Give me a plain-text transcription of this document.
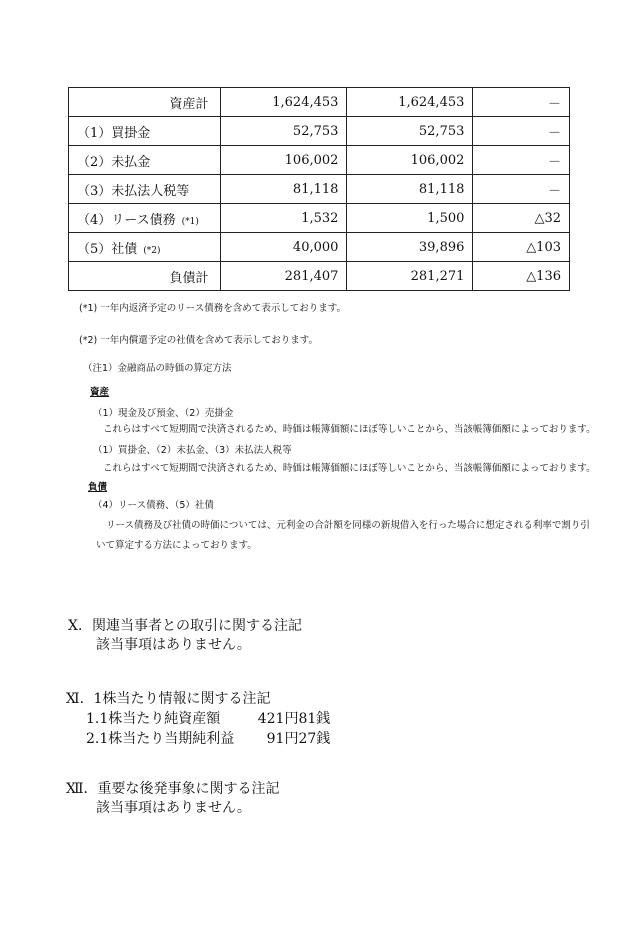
資産計	1,624,453	1,624,453	－
（1）買掛金	52,753	52,753	－
（2）未払金	106,002	106,002	－
（3）未払法人税等	81,118	81,118	－
（4）リース債務 (*1)	1,532	1,500	△32
（5）社債 (*2)	40,000	39,896	△103
負債計	281,407	281,271	△136
(*1) 一年内返済予定のリース債務を含めて表示しております。
(*2) 一年内償還予定の社債を含めて表示しております。
（注1）金融商品の時価の算定方法
資産
（1）現金及び預金、（2）売掛金
これらはすべて短期間で決済されるため、時価は帳簿価額にほぼ等しいことから、当該帳簿価額によっております。
（1）買掛金、（2）未払金、（3）未払法人税等
これらはすべて短期間で決済されるため、時価は帳簿価額にほぼ等しいことから、当該帳簿価額によっております。
負債
（4）リース債務、（5）社債
リース債務及び社債の時価については、元利金の合計額を同様の新規借入を行った場合に想定される利率で割り引
いて算定する方法によっております。
Ⅹ．関連当事者との取引に関する注記
該当事項はありません。
Ⅺ．1株当たり情報に関する注記
1.1株当たり純資産額	421円81銭
2.1株当たり当期純利益 91円27銭
Ⅻ．重要な後発事象に関する注記
該当事項はありません。
